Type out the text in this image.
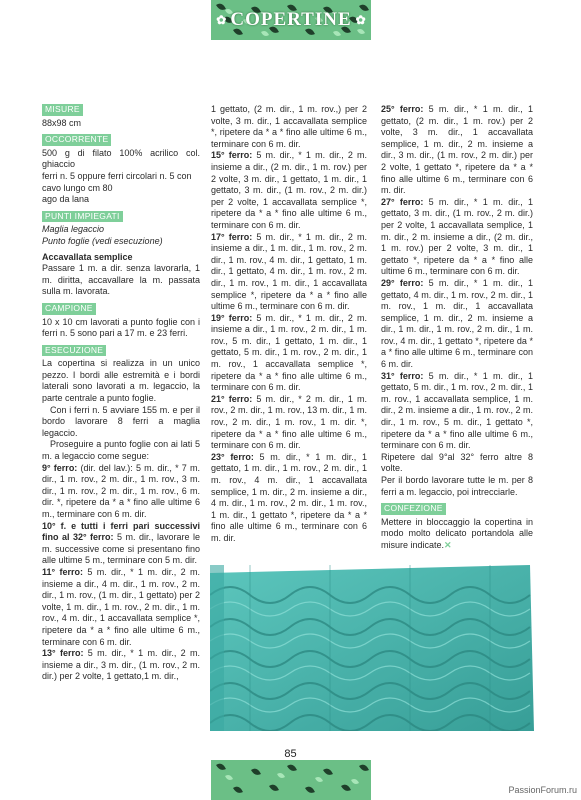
✿ COPERTINE ✿
MISURE

88x98 cm

OCCORRENTE

500 g di filato 100% acrilico col. ghiaccio

ferri n. 5 oppure ferri circolari n. 5 con cavo lungo cm 80

ago da lana

PUNTI IMPIEGATI

Maglia legaccio

Punto foglie (vedi esecuzione)

Accavallata semplice

Passare 1 m. a dir. senza lavorarla, 1 m. diritta, accavallare la m. passata sulla m. lavorata.

CAMPIONE

10 x 10 cm lavorati a punto foglie con i ferri n. 5 sono pari a 17 m. e 23 ferri.

ESECUZIONE

La copertina si realizza in un unico pezzo. I bordi alle estremità e i bordi laterali sono lavorati a m. legaccio, la parte centrale a punto foglie.

Con i ferri n. 5 avviare 155 m. e per il bordo lavorare 8 ferri a maglia legaccio.

Proseguire a punto foglie con ai lati 5 m. a legaccio come segue:

9° ferro: (dir. del lav.): 5 m. dir., * 7 m. dir., 1 m. rov., 2 m. dir., 1 m. rov., 3 m. dir., 1 m. rov., 2 m. dir., 1 m. rov., 6 m. dir. *, ripetere da * a * fino alle ultime 6 m., terminare con 6 m. dir.

10° f. e tutti i ferri pari successivi fino al 32° ferro: 5 m. dir., lavorare le m. successive come si presentano fino alle ultime 5 m., terminare con 5 m. dir.

11° ferro: 5 m. dir., * 1 m. dir., 2 m. insieme a dir., 4 m. dir., 1 m. rov., 2 m. dir., 1 m. rov., (1 m. dir., 1 gettato) per 2 volte, 1 m. dir., 1 m. rov., 2 m. dir., 1 m. rov., 4 m. dir., 1 accavallata semplice *, ripetere da * a * fino alle ultime 6 m., terminare con 6 m. dir.

13° ferro: 5 m. dir., * 1 m. dir., 2 m. insieme a dir., 3 m. dir., (1 m. rov., 2 m. dir.) per 2 volte, 1 gettato,1 m. dir.,

1 gettato, (2 m. dir., 1 m. rov.,) per 2 volte, 3 m. dir., 1 accavallata semplice *, ripetere da * a * fino alle ultime 6 m., terminare con 6 m. dir.

15° ferro: 5 m. dir., * 1 m. dir., 2 m. insieme a dir., (2 m. dir., 1 m. rov.) per 2 volte, 3 m. dir., 1 gettato, 1 m. dir., 1 gettato, 3 m. dir., (1 m. rov., 2 m. dir.) per 2 volte, 1 accavallata semplice *, ripetere da * a * fino alle ultime 6 m., terminare con 6 m. dir.

17° ferro: 5 m. dir., * 1 m. dir., 2 m. insieme a dir., 1 m. dir., 1 m. rov., 2 m. dir., 1 m. rov., 4 m. dir., 1 gettato, 1 m. dir., 1 gettato, 4 m. dir., 1 m. rov., 2 m. dir., 1 m. rov., 1 m. dir., 1 accavallata semplice *, ripetere da * a * fino alle ultime 6 m., terminare con 6 m. dir.

19° ferro: 5 m. dir., * 1 m. dir., 2 m. insieme a dir., 1 m. rov., 2 m. dir., 1 m. rov., 5 m. dir., 1 gettato, 1 m. dir., 1 gettato, 5 m. dir., 1 m. rov., 2 m. dir., 1 m. rov., 1 accavallata semplice *, ripetere da * a * fino alle ultime 6 m., terminare con 6 m. dir.

21° ferro: 5 m. dir., * 2 m. dir., 1 m. rov., 2 m. dir., 1 m. rov., 13 m. dir., 1 m. rov., 2 m. dir., 1 m. rov., 1 m. dir. *, ripetere da * a * fino alle ultime 6 m., terminare con 6 m. dir.

23° ferro: 5 m. dir., * 1 m. dir., 1 gettato, 1 m. dir., 1 m. rov., 2 m. dir., 1 m. rov., 4 m. dir., 1 accavallata semplice, 1 m. dir., 2 m. insieme a dir., 4 m. dir., 1 m. rov., 2 m. dir., 1 m. rov., 1 m. dir., 1 gettato *, ripetere da * a * fino alle ultime 6 m., terminare con 6 m. dir.

25° ferro: 5 m. dir., * 1 m. dir., 1 gettato, (2 m. dir., 1 m. rov.) per 2 volte, 3 m. dir., 1 accavallata semplice, 1 m. dir., 2 m. insieme a dir., 3 m. dir., (1 m. rov., 2 m. dir.) per 2 volte, 1 gettato *, ripetere da * a * fino alle ultime 6 m., terminare con 6 m. dir.

27° ferro: 5 m. dir., * 1 m. dir., 1 gettato, 3 m. dir., (1 m. rov., 2 m. dir.) per 2 volte, 1 accavallata semplice, 1 m. dir., 2 m. insieme a dir., (2 m. dir., 1 m. rov.) per 2 volte, 3 m. dir., 1 gettato *, ripetere da * a * fino alle ultime 6 m., terminare con 6 m. dir.

29° ferro: 5 m. dir., * 1 m. dir., 1 gettato, 4 m. dir., 1 m. rov., 2 m. dir., 1 m. rov., 1 m. dir., 1 accavallata semplice, 1 m. dir., 2 m. insieme a dir., 1 m. dir., 1 m. rov., 2 m. dir., 1 m. rov., 4 m. dir., 1 gettato *, ripetere da * a * fino alle ultime 6 m., terminare con 6 m. dir.

31° ferro: 5 m. dir., * 1 m. dir., 1 gettato, 5 m. dir., 1 m. rov., 2 m. dir., 1 m. rov., 1 accavallata semplice, 1 m. dir., 2 m. insieme a dir., 1 m. rov., 2 m. dir., 1 m. rov., 5 m. dir., 1 gettato *, ripetere da * a * fino alle ultime 6 m., terminare con 6 m. dir.

Ripetere dal 9°al 32° ferro altre 8 volte.

Per il bordo lavorare tutte le m. per 8 ferri a m. legaccio, poi intrecciarle.

CONFEZIONE

Mettere in bloccaggio la copertina in modo molto delicato portandola alle misure indicate.✕

85
PassionForum.ru
